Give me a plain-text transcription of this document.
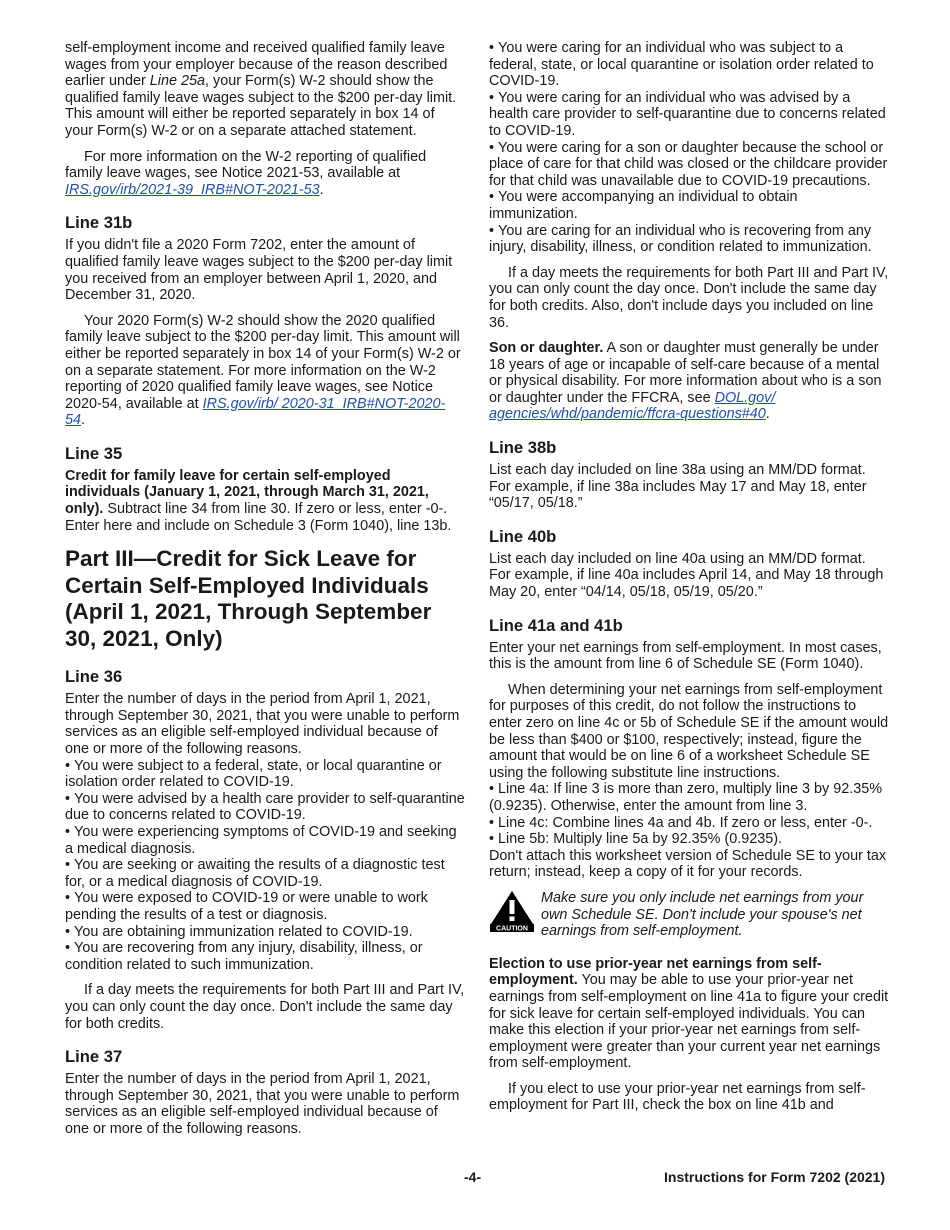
self-employment income and received qualified family leave wages from your employer because of the reason described earlier under Line 25a, your Form(s) W-2 should show the qualified family leave wages subject to the $200 per-day limit. This amount will either be reported separately in box 14 of your Form(s) W-2 or on a separate attached statement.

For more information on the W-2 reporting of qualified family leave wages, see Notice 2021-53, available at IRS.gov/irb/2021-39_IRB#NOT-2021-53.

Line 31b

If you didn't file a 2020 Form 7202, enter the amount of qualified family leave wages subject to the $200 per-day limit you received from an employer between April 1, 2020, and December 31, 2020.

Your 2020 Form(s) W-2 should show the 2020 qualified family leave subject to the $200 per-day limit. This amount will either be reported separately in box 14 of your Form(s) W-2 or on a separate statement. For more information on the W-2 reporting of 2020 qualified family leave wages, see Notice 2020-54, available at IRS.gov/irb/ 2020-31_IRB#NOT-2020-54.

Line 35

Credit for family leave for certain self-employed individuals (January 1, 2021, through March 31, 2021, only). Subtract line 34 from line 30. If zero or less, enter -0-. Enter here and include on Schedule 3 (Form 1040), line 13b.

Part III—Credit for Sick Leave for Certain Self-Employed Individuals (April 1, 2021, Through September 30, 2021, Only)
Line 36

Enter the number of days in the period from April 1, 2021, through September 30, 2021, that you were unable to perform services as an eligible self-employed individual because of one or more of the following reasons.

• You were subject to a federal, state, or local quarantine or isolation order related to COVID-19.
• You were advised by a health care provider to self-quarantine due to concerns related to COVID-19.
• You were experiencing symptoms of COVID-19 and seeking a medical diagnosis.
• You are seeking or awaiting the results of a diagnostic test for, or a medical diagnosis of COVID-19.
• You were exposed to COVID-19 or were unable to work pending the results of a test or diagnosis.
• You are obtaining immunization related to COVID-19.
• You are recovering from any injury, disability, illness, or condition related to such immunization.

If a day meets the requirements for both Part III and Part IV, you can only count the day once. Don't include the same day for both credits.

Line 37

Enter the number of days in the period from April 1, 2021, through September 30, 2021, that you were unable to perform services as an eligible self-employed individual because of one or more of the following reasons.

• You were caring for an individual who was subject to a federal, state, or local quarantine or isolation order related to COVID-19.
• You were caring for an individual who was advised by a health care provider to self-quarantine due to concerns related to COVID-19.
• You were caring for a son or daughter because the school or place of care for that child was closed or the childcare provider for that child was unavailable due to COVID-19 precautions.
• You were accompanying an individual to obtain immunization.
• You are caring for an individual who is recovering from any injury, disability, illness, or condition related to immunization.

If a day meets the requirements for both Part III and Part IV, you can only count the day once. Don't include the same day for both credits. Also, don't include days you included on line 36.

Son or daughter. A son or daughter must generally be under 18 years of age or incapable of self-care because of a mental or physical disability. For more information about who is a son or daughter under the FFCRA, see DOL.gov/ agencies/whd/pandemic/ffcra-questions#40.

Line 38b

List each day included on line 38a using an MM/DD format. For example, if line 38a includes May 17 and May 18, enter “05/17, 05/18.”

Line 40b

List each day included on line 40a using an MM/DD format. For example, if line 40a includes April 14, and May 18 through May 20, enter “04/14, 05/18, 05/19, 05/20.”

Line 41a and 41b

Enter your net earnings from self-employment. In most cases, this is the amount from line 6 of Schedule SE (Form 1040).

When determining your net earnings from self-employment for purposes of this credit, do not follow the instructions to enter zero on line 4c or 5b of Schedule SE if the amount would be less than $400 or $100, respectively; instead, figure the amount that would be on line 6 of a worksheet Schedule SE using the following substitute line instructions.

• Line 4a: If line 3 is more than zero, multiply line 3 by 92.35% (0.9235). Otherwise, enter the amount from line 3.
• Line 4c: Combine lines 4a and 4b. If zero or less, enter -0-.
• Line 5b: Multiply line 5a by 92.35% (0.9235).

Don't attach this worksheet version of Schedule SE to your tax return; instead, keep a copy of it for your records.

CAUTION
Make sure you only include net earnings from your own Schedule SE. Don't include your spouse's net earnings from self-employment.

Election to use prior-year net earnings from self-employment. You may be able to use your prior-year net earnings from self-employment on line 41a to figure your credit for sick leave for certain self-employed individuals. You can make this election if your prior-year net earnings from self-employment were greater than your current year net earnings from self-employment.

If you elect to use your prior-year net earnings from self-employment for Part III, check the box on line 41b and

-4-	Instructions for Form 7202 (2021)
